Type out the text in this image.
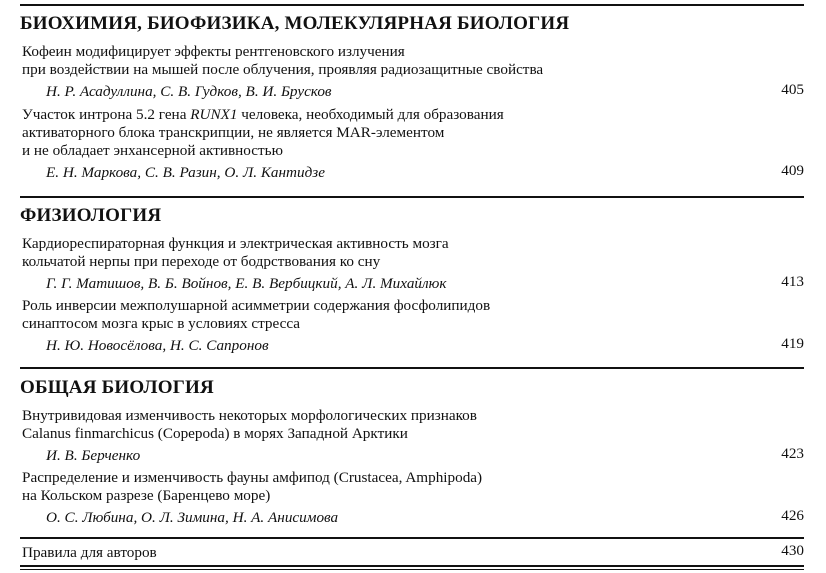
БИОХИМИЯ, БИОФИЗИКА, МОЛЕКУЛЯРНАЯ БИОЛОГИЯ
Кофеин модифицирует эффекты рентгеновского излучения
при воздействии на мышей после облучения, проявляя радиозащитные свойства
Н. Р. Асадуллина, С. В. Гудков, В. И. Брусков	405
Участок интрона 5.2 гена RUNX1 человека, необходимый для образования
активаторного блока транскрипции, не является MAR-элементом
и не обладает энхансерной активностью
Е. Н. Маркова, С. В. Разин, О. Л. Кантидзе	409
ФИЗИОЛОГИЯ
Кардиореспираторная функция и электрическая активность мозга
кольчатой нерпы при переходе от бодрствования ко сну
Г. Г. Матишов, В. Б. Войнов, Е. В. Вербицкий, А. Л. Михайлюк	413
Роль инверсии межполушарной асимметрии содержания фосфолипидов
синаптосом мозга крыс в условиях стресса
Н. Ю. Новосёлова, Н. С. Сапронов	419
ОБЩАЯ БИОЛОГИЯ
Внутривидовая изменчивость некоторых морфологических признаков
Calanus finmarchicus (Copepoda) в морях Западной Арктики
И. В. Берченко	423
Распределение и изменчивость фауны амфипод (Crustacea, Amphipoda)
на Кольском разрезе (Баренцево море)
О. С. Любина, О. Л. Зимина, Н. А. Анисимова	426
Правила для авторов	430
